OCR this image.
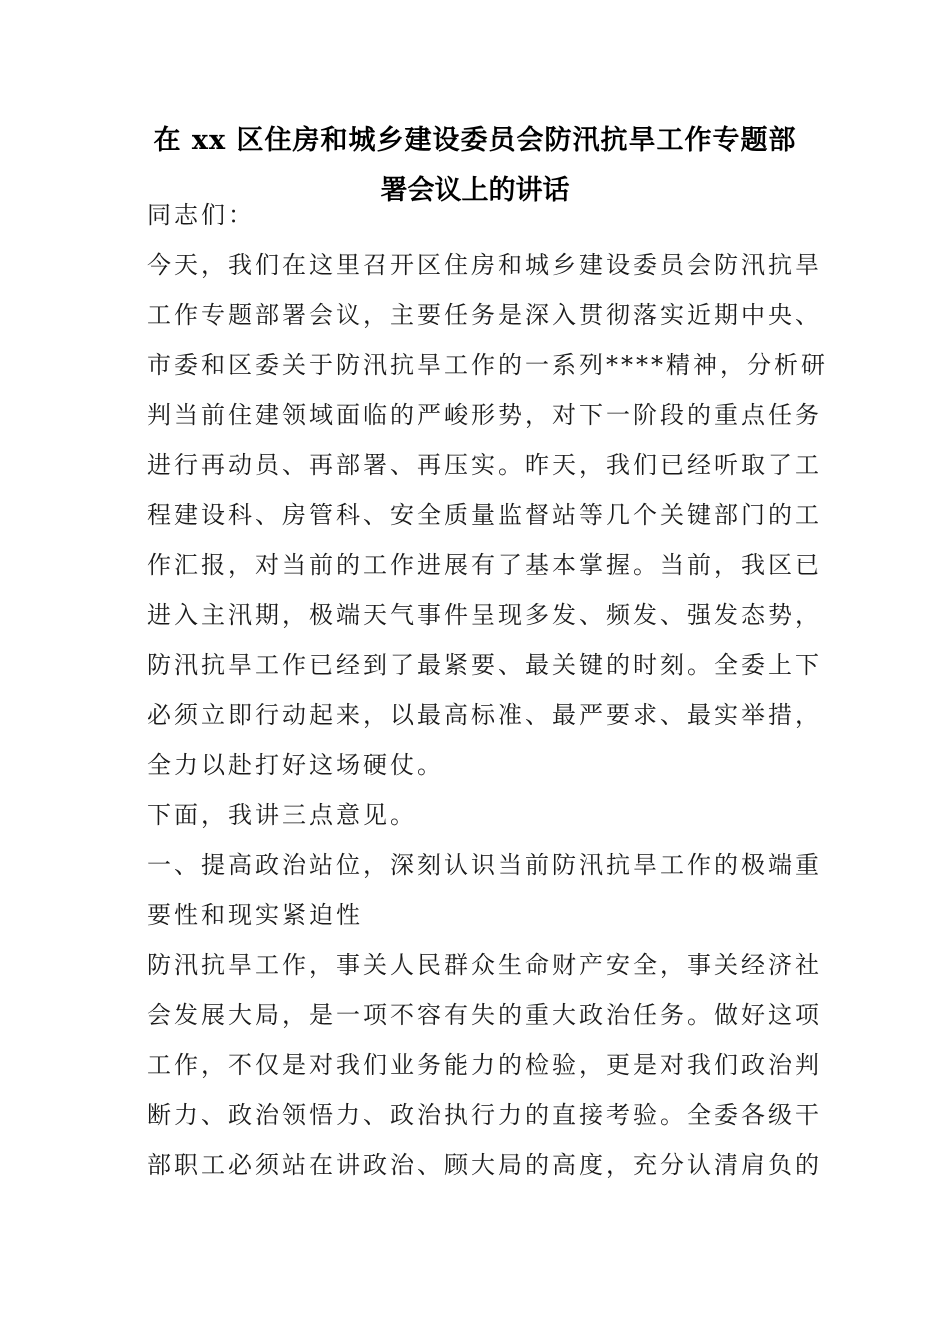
在 xx 区住房和城乡建设委员会防汛抗旱工作专题部
署会议上的讲话
同志们：
今天，我们在这里召开区住房和城乡建设委员会防汛抗旱
工作专题部署会议，主要任务是深入贯彻落实近期中央、
市委和区委关于防汛抗旱工作的一系列****精神，分析研
判当前住建领域面临的严峻形势，对下一阶段的重点任务
进行再动员、再部署、再压实。昨天，我们已经听取了工
程建设科、房管科、安全质量监督站等几个关键部门的工
作汇报，对当前的工作进展有了基本掌握。当前，我区已
进入主汛期，极端天气事件呈现多发、频发、强发态势，
防汛抗旱工作已经到了最紧要、最关键的时刻。全委上下
必须立即行动起来，以最高标准、最严要求、最实举措，
全力以赴打好这场硬仗。
下面，我讲三点意见。
一、提高政治站位，深刻认识当前防汛抗旱工作的极端重
要性和现实紧迫性
防汛抗旱工作，事关人民群众生命财产安全，事关经济社
会发展大局，是一项不容有失的重大政治任务。做好这项
工作，不仅是对我们业务能力的检验，更是对我们政治判
断力、政治领悟力、政治执行力的直接考验。全委各级干
部职工必须站在讲政治、顾大局的高度，充分认清肩负的
